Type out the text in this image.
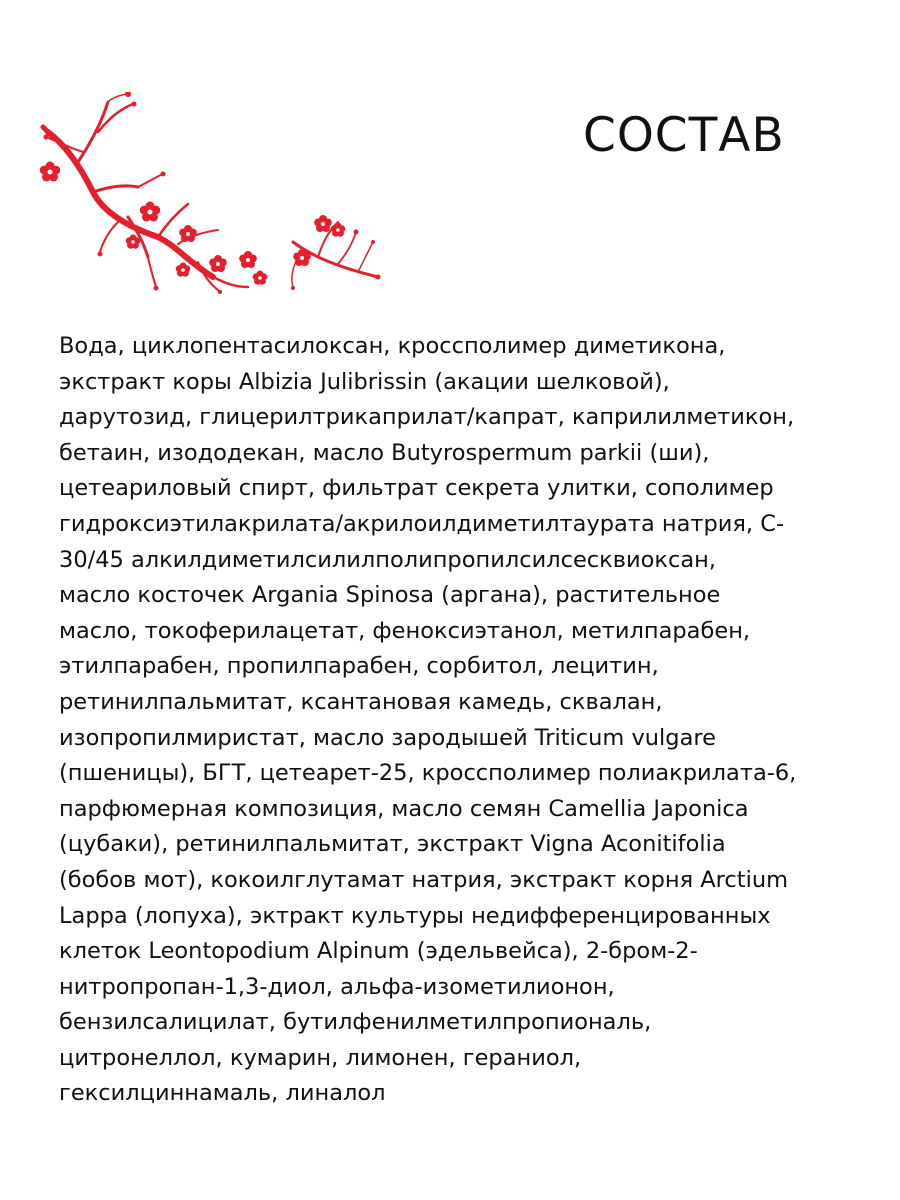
СОСТАВ
Вода, циклопентасилоксан, кроссполимер диметикона,
экстракт коры Albizia Julibrissin (акации шелковой),
дарутозид, глицерилтрикаприлат/капрат, каприлилметикон,
бетаин, изододекан, масло Butyrospermum parkii (ши),
цетеариловый спирт, фильтрат секрета улитки, сополимер
гидроксиэтилакрилата/акрилоилдиметилтаурата натрия, С-
30/45 алкилдиметилсилилполипропилсилсесквиоксан,
масло косточек Argania Spinosa (аргана), растительное
масло, токоферилацетат, феноксиэтанол, метилпарабен,
этилпарабен, пропилпарабен, сорбитол, лецитин,
ретинилпальмитат, ксантановая камедь, сквалан,
изопропилмиристат, масло зародышей Triticum vulgare
(пшеницы), БГТ, цетеарет-25, кроссполимер полиакрилата-6,
парфюмерная композиция, масло семян Camellia Japonica
(цубаки), ретинилпальмитат, экстракт Vigna Aconitifolia
(бобов мот), кокоилглутамат натрия, экстракт корня Arctium
Lappa (лопуха), эктракт культуры недифференцированных
клеток Leontopodium Alpinum (эдельвейса), 2-бром-2-
нитропропан-1,3-диол, альфа-изометилионон,
бензилсалицилат, бутилфенилметилпропиональ,
цитронеллол, кумарин, лимонен, гераниол,
гексилциннамаль, линалол
